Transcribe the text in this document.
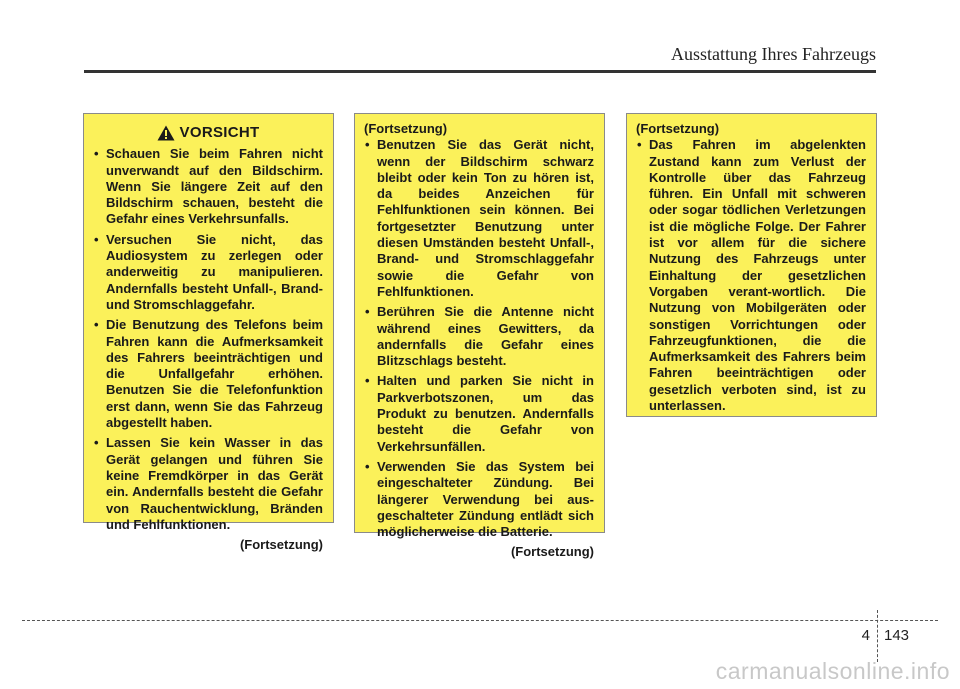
Ausstattung Ihres Fahrzeugs
VORSICHT
• Schauen Sie beim Fahren nicht unverwandt auf den Bildschirm. Wenn Sie längere Zeit auf den Bildschirm schauen, besteht die Gefahr eines Verkehrsunfalls.
• Versuchen Sie nicht, das Audiosystem zu zerlegen oder anderweitig zu manipulieren. Andernfalls besteht Unfall-, Brand- und Stromschlaggefahr.
• Die Benutzung des Telefons beim Fahren kann die Aufmerksamkeit des Fahrers beeinträchtigen und die Unfallgefahr erhöhen. Benutzen Sie die Telefonfunktion erst dann, wenn Sie das Fahrzeug abgestellt haben.
• Lassen Sie kein Wasser in das Gerät gelangen und führen Sie keine Fremdkörper in das Gerät ein. Andernfalls besteht die Gefahr von Rauchentwicklung, Bränden und Fehlfunktionen.
(Fortsetzung)
(Fortsetzung)
• Benutzen Sie das Gerät nicht, wenn der Bildschirm schwarz bleibt oder kein Ton zu hören ist, da beides Anzeichen für Fehlfunktionen sein können. Bei fortgesetzter Benutzung unter diesen Umständen besteht Unfall-, Brand- und Stromschlaggefahr sowie die Gefahr von Fehlfunktionen.
• Berühren Sie die Antenne nicht während eines Gewitters, da andernfalls die Gefahr eines Blitzschlags besteht.
• Halten und parken Sie nicht in Parkverbotszonen, um das Produkt zu benutzen. Andernfalls besteht die Gefahr von Verkehrsunfällen.
• Verwenden Sie das System bei eingeschalteter Zündung. Bei längerer Verwendung bei aus-geschalteter Zündung entlädt sich möglicherweise die Batterie.
(Fortsetzung)
(Fortsetzung)
• Das Fahren im abgelenkten Zustand kann zum Verlust der Kontrolle über das Fahrzeug führen. Ein Unfall mit schweren oder sogar tödlichen Verletzungen ist die mögliche Folge. Der Fahrer ist vor allem für die sichere Nutzung des Fahrzeugs unter Einhaltung der gesetzlichen Vorgaben verant-wortlich. Die Nutzung von Mobilgeräten oder sonstigen Vorrichtungen oder Fahrzeugfunktionen, die die Aufmerksamkeit des Fahrers beim Fahren beeinträchtigen oder gesetzlich verboten sind, ist zu unterlassen.
4 143
carmanualsonline.info
